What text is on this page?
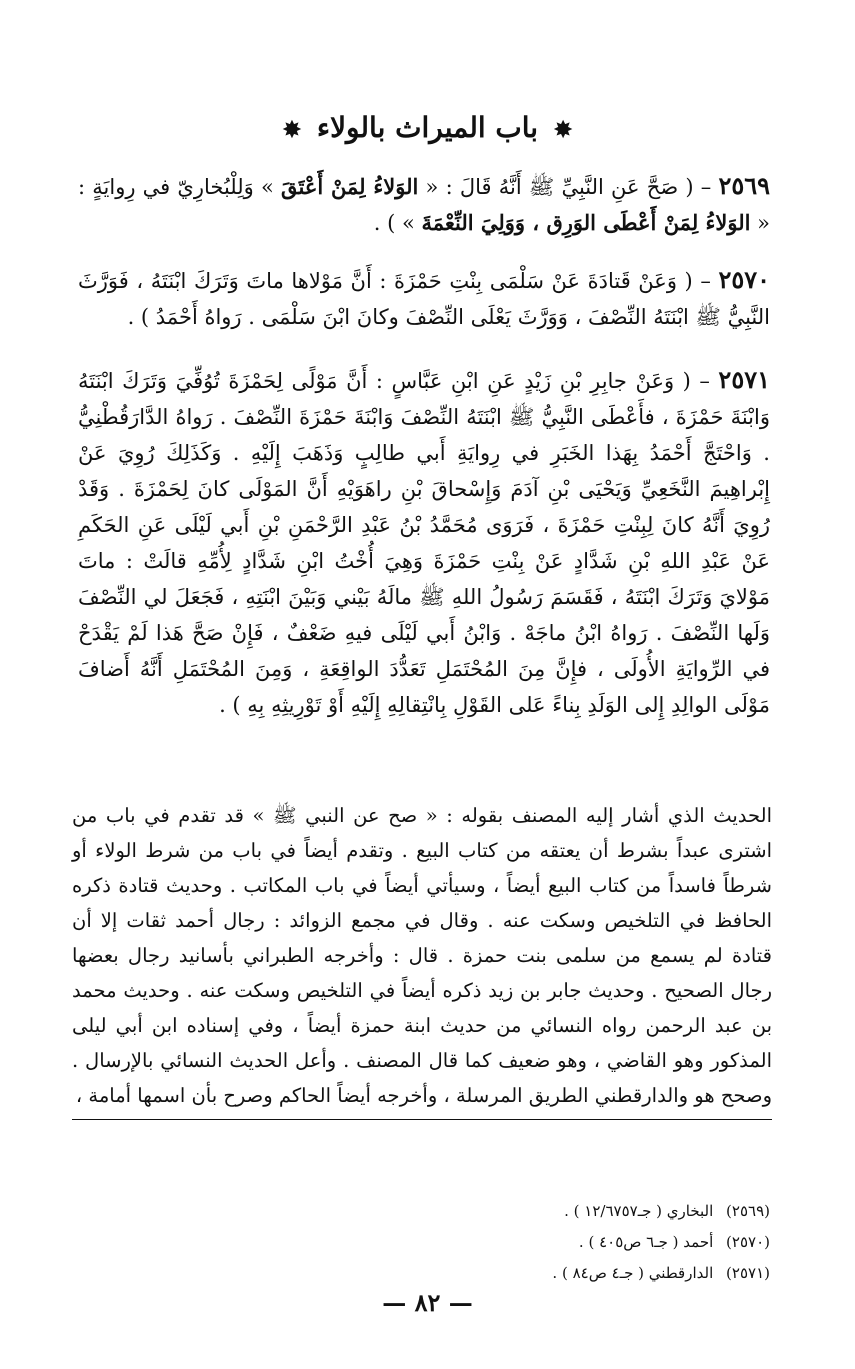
✸ باب الميراث بالولاء ✸
٢٥٦٩ – ( صَحَّ عَنِ النَّبِيِّ ﷺ أَنَّهُ قَالَ : « الوَلاءُ لِمَنْ أَعْتَقَ » وَلِلْبُخارِيّ في رِوايَةٍ : « الوَلاءُ لِمَنْ أَعْطَى الوَرِق ، وَوَلِيَ النِّعْمَةَ » ) .
٢٥٧٠ – ( وَعَنْ قَتادَةَ عَنْ سَلْمَى بِنْتِ حَمْزَةَ : أَنَّ مَوْلاها ماتَ وَتَرَكَ ابْنَتَهُ ، فَوَرَّثَ النَّبِيُّ ﷺ ابْنَتَهُ النِّصْفَ ، وَوَرَّثَ يَعْلَى النِّصْفَ وكانَ ابْنَ سَلْمَى . رَواهُ أَحْمَدُ ) .
٢٥٧١ – ( وَعَنْ جابِرِ بْنِ زَيْدٍ عَنِ ابْنِ عَبَّاسٍ : أَنَّ مَوْلًى لِحَمْزَةَ تُوُفِّيَ وَتَرَكَ ابْنَتَهُ وَابْنَةَ حَمْزَةَ ، فأَعْطَى النَّبِيُّ ﷺ ابْنَتَهُ النِّصْفَ وَابْنَةَ حَمْزَةَ النِّصْفَ . رَواهُ الدَّارَقُطْنِيُّ . وَاحْتَجَّ أَحْمَدُ بِهَذا الخَبَرِ في رِوايَةِ أَبي طالِبٍ وَذَهَبَ إِلَيْهِ . وَكَذَلِكَ رُوِيَ عَنْ إِبْراهِيمَ النَّخَعِيِّ وَيَحْيَى بْنِ آدَمَ وَإِسْحاقَ بْنِ راهَوَيْهِ أَنَّ المَوْلَى كانَ لِحَمْزَةَ . وَقَدْ رُوِيَ أَنَّهُ كانَ لِبِنْتِ حَمْزَةَ ، فَرَوَى مُحَمَّدُ بْنُ عَبْدِ الرَّحْمَنِ بْنِ أَبي لَيْلَى عَنِ الحَكَمِ عَنْ عَبْدِ اللهِ بْنِ شَدَّادٍ عَنْ بِنْتِ حَمْزَةَ وَهِيَ أُخْتُ ابْنِ شَدَّادٍ لِأُمِّهِ قالَتْ : ماتَ مَوْلايَ وَتَرَكَ ابْنَتَهُ ، فَقَسَمَ رَسُولُ اللهِ ﷺ مالَهُ بَيْني وَبَيْنَ ابْنَتِهِ ، فَجَعَلَ لي النِّصْفَ وَلَها النِّصْفَ . رَواهُ ابْنُ ماجَهْ . وَابْنُ أَبي لَيْلَى فيهِ ضَعْفٌ ، فَإِنْ صَحَّ هَذا لَمْ يَقْدَحْ في الرِّوايَةِ الأُولَى ، فإِنَّ مِنَ المُحْتَمَلِ تَعَدُّدَ الواقِعَةِ ، وَمِنَ المُحْتَمَلِ أَنَّهُ أَضافَ مَوْلَى الوالِدِ إِلى الوَلَدِ بِناءً عَلى القَوْلِ بِانْتِقالِهِ إِلَيْهِ أَوْ تَوْرِيثِهِ بِهِ ) .
الحديث الذي أشار إليه المصنف بقوله : « صح عن النبي ﷺ » قد تقدم في باب من اشترى عبداً بشرط أن يعتقه من كتاب البيع . وتقدم أيضاً في باب من شرط الولاء أو شرطاً فاسداً من كتاب البيع أيضاً ، وسيأتي أيضاً في باب المكاتب . وحديث قتادة ذكره الحافظ في التلخيص وسكت عنه . وقال في مجمع الزوائد : رجال أحمد ثقات إلا أن قتادة لم يسمع من سلمى بنت حمزة . قال : وأخرجه الطبراني بأسانيد رجال بعضها رجال الصحيح . وحديث جابر بن زيد ذكره أيضاً في التلخيص وسكت عنه . وحديث محمد بن عبد الرحمن رواه النسائي من حديث ابنة حمزة أيضاً ، وفي إسناده ابن أبي ليلى المذكور وهو القاضي ، وهو ضعيف كما قال المصنف . وأعل الحديث النسائي بالإرسال . وصحح هو والدارقطني الطريق المرسلة ، وأخرجه أيضاً الحاكم وصرح بأن اسمها أمامة ،
(٢٥٦٩) البخاري ( جـ١٢/٦٧٥٧ ) .
(٢٥٧٠) أحمد ( جـ٦ ص٤٠٥ ) .
(٢٥٧١) الدارقطني ( جـ٤ ص٨٤ ) .
— ٨٢ —
